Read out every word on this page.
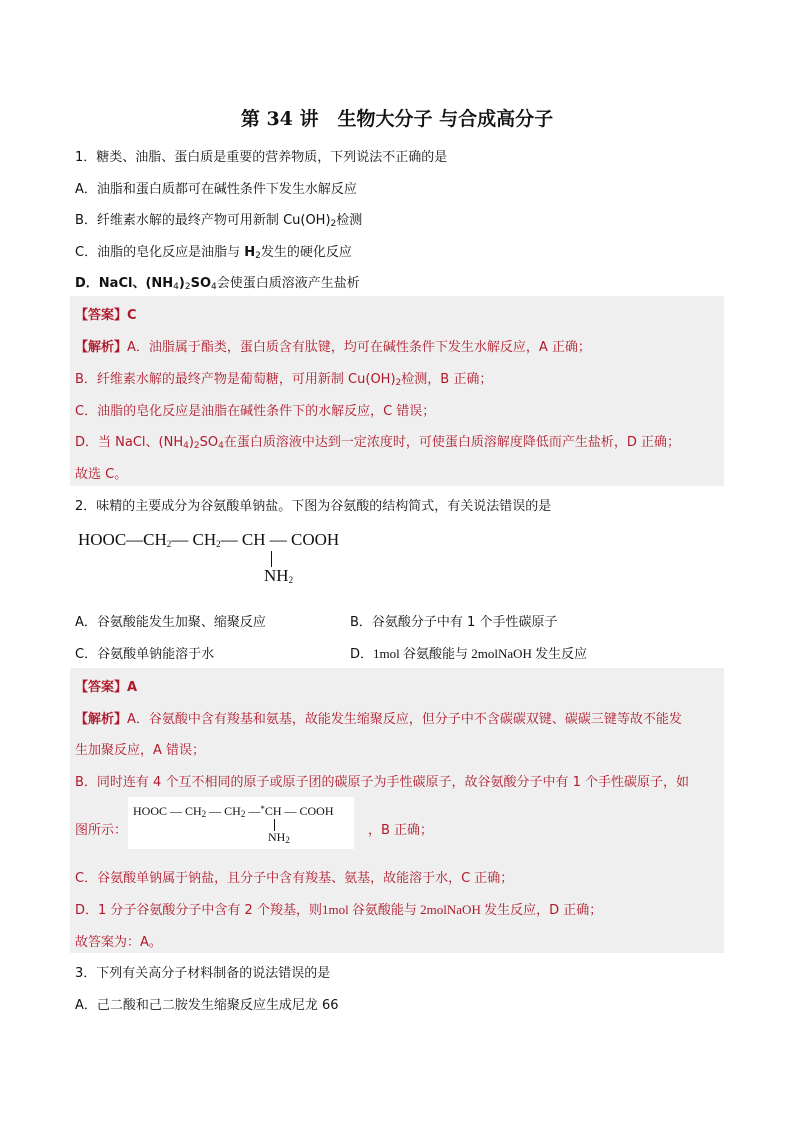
第 34 讲　生物大分子 与合成高分子
1．糖类、油脂、蛋白质是重要的营养物质，下列说法不正确的是
A．油脂和蛋白质都可在碱性条件下发生水解反应
B．纤维素水解的最终产物可用新制 $Cu(OH)_2$检测
C．油脂的皂化反应是油脂与 $H_2$发生的硬化反应
D．NaCl、$(NH_4)_2SO_4$会使蛋白质溶液产生盐析
【答案】C
【解析】A．油脂属于酯类，蛋白质含有肽键，均可在碱性条件下发生水解反应，A 正确；
B．纤维素水解的最终产物是葡萄糖，可用新制 $Cu(OH)_2$检测，B 正确；
C．油脂的皂化反应是油脂在碱性条件下的水解反应，C 错误；
D．当 NaCl、$(NH_4)_2SO_4$在蛋白质溶液中达到一定浓度时，可使蛋白质溶解度降低而产生盐析，D 正确；
故选 C。
2．味精的主要成分为谷氨酸单钠盐。下图为谷氨酸的结构简式，有关说法错误的是
$HOOC—CH_2—$ $CH_2—$ CH — COOH
$NH_2$
A．谷氨酸能发生加聚、缩聚反应	B．谷氨酸分子中有 1 个手性碳原子
C．谷氨酸单钠能溶于水	D．1mol 谷氨酸能与 2molNaOH 发生反应
【答案】A
【解析】A．谷氨酸中含有羧基和氨基，故能发生缩聚反应，但分子中不含碳碳双键、碳碳三键等故不能发
生加聚反应，A 错误；
B．同时连有 4 个互不相同的原子或原子团的碳原子为手性碳原子，故谷氨酸分子中有 1 个手性碳原子，如
图所示：
HOOC — $CH_2$ — $CH_2$ —*CH — COOH
$NH_2$
，B 正确；
C．谷氨酸单钠属于钠盐，且分子中含有羧基、氨基，故能溶于水，C 正确；
D．1 分子谷氨酸分子中含有 2 个羧基，则1mol 谷氨酸能与 2molNaOH 发生反应，D 正确；
故答案为：A。
3．下列有关高分子材料制备的说法错误的是
A．己二酸和己二胺发生缩聚反应生成尼龙 66
